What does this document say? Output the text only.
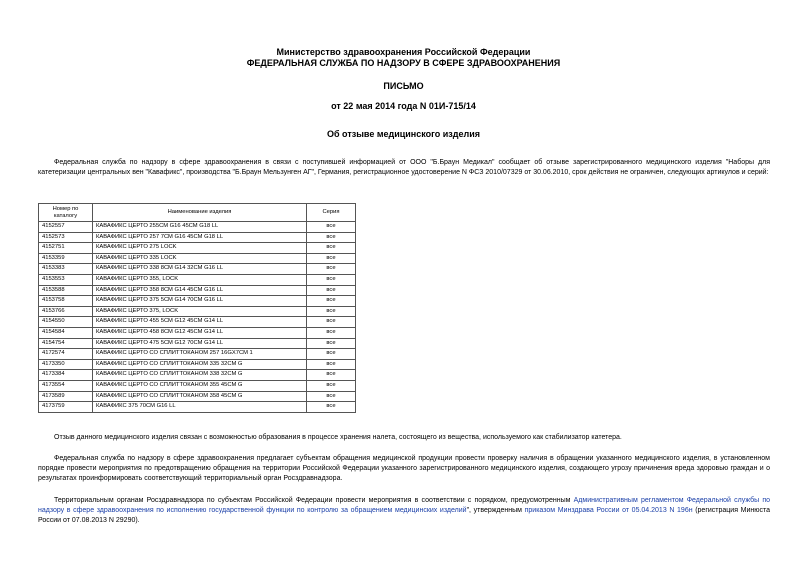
Министерство здравоохранения Российской Федерации
ФЕДЕРАЛЬНАЯ СЛУЖБА ПО НАДЗОРУ В СФЕРЕ ЗДРАВООХРАНЕНИЯ
ПИСЬМО
от 22 мая 2014 года N 01И-715/14
Об отзыве медицинского изделия

Федеральная служба по надзору в сфере здравоохранения в связи с поступившей информацией от ООО "Б.Браун Медикал" сообщает об отзыве зарегистрированного медицинского изделия "Наборы для катетеризации центральных вен "Кавафикс", производства "Б.Браун Мельзунген АГ", Германия, регистрационное удостоверение N ФСЗ 2010/07329 от 30.06.2010, срок действия не ограничен, следующих артикулов и серий:

Номер по каталогу	Наименование изделия	Серия
4152557	КАВАФИКС ЦЕРТО 255СМ G16 45СМ G18 LL	все
4152573	КАВАФИКС ЦЕРТО 257 7СМ G16 45СМ G18 LL	все
4152751	КАВАФИКС ЦЕРТО 275 LOCK	все
4153359	КАВАФИКС ЦЕРТО 335 LOCK	все
4153383	КАВАФИКС ЦЕРТО 338 8СМ G14 32СМ G16 LL	все
4153553	КАВАФИКС ЦЕРТО 355, LOCK	все
4153588	КАВАФИКС ЦЕРТО 358 8СМ G14 45СМ G16 LL	все
4153758	КАВАФИКС ЦЕРТО 375 5СМ G14 70СМ G16 LL	все
4153766	КАВАФИКС ЦЕРТО 375, LOCK	все
4154550	КАВАФИКС ЦЕРТО 455 5СМ G12 45СМ G14 LL	все
4154584	КАВАФИКС ЦЕРТО 458 8СМ G12 45СМ G14 LL	все
4154754	КАВАФИКС ЦЕРТО 475 5СМ G12 70СМ G14 LL	все
4172574	КАВАФИКС ЦЕРТО СО СПЛИТТОКАНОМ 257 16GX7СМ 1	все
4173350	КАВАФИКС ЦЕРТО СО СПЛИТТОКАНОМ 335 32СМ G	все
4173384	КАВАФИКС ЦЕРТО СО СПЛИТТОКАНОМ 338 32СМ G	все
4173554	КАВАФИКС ЦЕРТО СО СПЛИТТОКАНОМ 355 45СМ G	все
4173589	КАВАФИКС ЦЕРТО СО СПЛИТТОКАНОМ 358 45СМ G	все
4173759	КАВАФИКС 375 70СМ G16 LL	все

Отзыв данного медицинского изделия связан с возможностью образования в процессе хранения налета, состоящего из вещества, используемого как стабилизатор катетера.

Федеральная служба по надзору в сфере здравоохранения предлагает субъектам обращения медицинской продукции провести проверку наличия в обращении указанного медицинского изделия, в установленном порядке провести мероприятия по предотвращению обращения на территории Российской Федерации указанного зарегистрированного медицинского изделия, создающего угрозу причинения вреда здоровью граждан и о результатах проинформировать соответствующий территориальный орган Росздравнадзора.

Территориальным органам Росздравнадзора по субъектам Российской Федерации провести мероприятия в соответствии с порядком, предусмотренным Административным регламентом Федеральной службы по надзору в сфере здравоохранения по исполнению государственной функции по контролю за обращением медицинских изделий", утвержденным приказом Минздрава России от 05.04.2013 N 196н (регистрация Минюста России от 07.08.2013 N 29290).
